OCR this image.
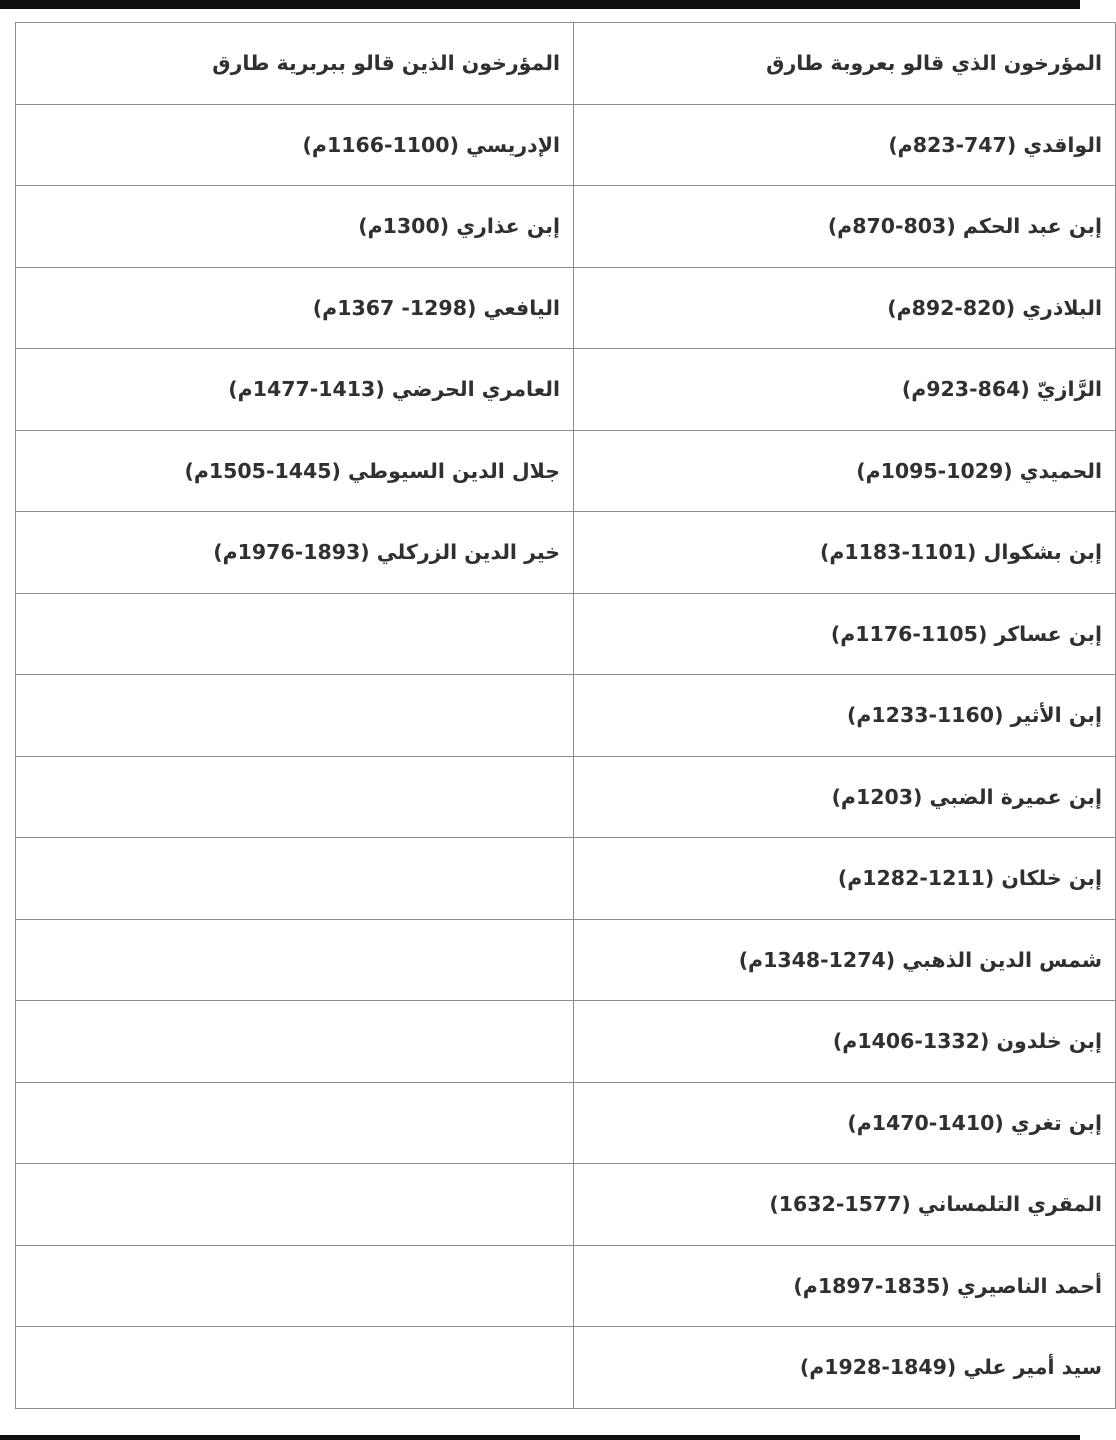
المؤرخون الذي قالو بعروبة طارق	المؤرخون الذين قالو ببربرية طارق
الواقدي (747-823م)	الإدريسي (1100-1166م)
إبن عبد الحكم (803-870م)	إبن عذاري (1300م)
البلاذري (820-892م)	اليافعي (1298- 1367م)
الرَّازيّ (864-923م)	العامري الحرضي (1413-1477م)
الحميدي (1029-1095م)	جلال الدين السيوطي (1445-1505م)
إبن بشكوال (1101-1183م)	خير الدين الزركلي (1893-1976م)
إبن عساكر (1105-1176م)	
إبن الأثير (1160-1233م)	
إبن عميرة الضبي (1203م)	
إبن خلكان (1211-1282م)	
شمس الدين الذهبي (1274-1348م)	
إبن خلدون (1332-1406م)	
إبن تغري (1410-1470م)	
المقري التلمساني (1577-1632)	
أحمد الناصيري (1835-1897م)	
سيد أمير علي (1849-1928م)	
